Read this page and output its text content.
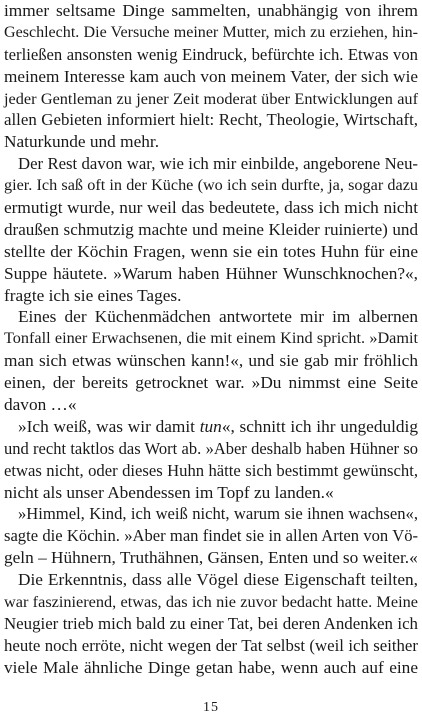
immer seltsame Dinge sammelten, unabhängig von ihrem
Geschlecht. Die Versuche meiner Mutter, mich zu erziehen, hin-
terließen ansonsten wenig Eindruck, befürchte ich. Etwas von
meinem Interesse kam auch von meinem Vater, der sich wie
jeder Gentleman zu jener Zeit moderat über Entwicklungen auf
allen Gebieten informiert hielt: Recht, Theologie, Wirtschaft,
Naturkunde und mehr.
Der Rest davon war, wie ich mir einbilde, angeborene Neu-
gier. Ich saß oft in der Küche (wo ich sein durfte, ja, sogar dazu
ermutigt wurde, nur weil das bedeutete, dass ich mich nicht
draußen schmutzig machte und meine Kleider ruinierte) und
stellte der Köchin Fragen, wenn sie ein totes Huhn für eine
Suppe häutete. »Warum haben Hühner Wunschknochen?«,
fragte ich sie eines Tages.
Eines der Küchenmädchen antwortete mir im albernen
Tonfall einer Erwachsenen, die mit einem Kind spricht. »Damit
man sich etwas wünschen kann!«, und sie gab mir fröhlich
einen, der bereits getrocknet war. »Du nimmst eine Seite
davon …«
»Ich weiß, was wir damit tun«, schnitt ich ihr ungeduldig
und recht taktlos das Wort ab. »Aber deshalb haben Hühner so
etwas nicht, oder dieses Huhn hätte sich bestimmt gewünscht,
nicht als unser Abendessen im Topf zu landen.«
»Himmel, Kind, ich weiß nicht, warum sie ihnen wachsen«,
sagte die Köchin. »Aber man findet sie in allen Arten von Vö-
geln – Hühnern, Truthähnen, Gänsen, Enten und so weiter.«
Die Erkenntnis, dass alle Vögel diese Eigenschaft teilten,
war faszinierend, etwas, das ich nie zuvor bedacht hatte. Meine
Neugier trieb mich bald zu einer Tat, bei deren Andenken ich
heute noch erröte, nicht wegen der Tat selbst (weil ich seither
viele Male ähnliche Dinge getan habe, wenn auch auf eine
15
